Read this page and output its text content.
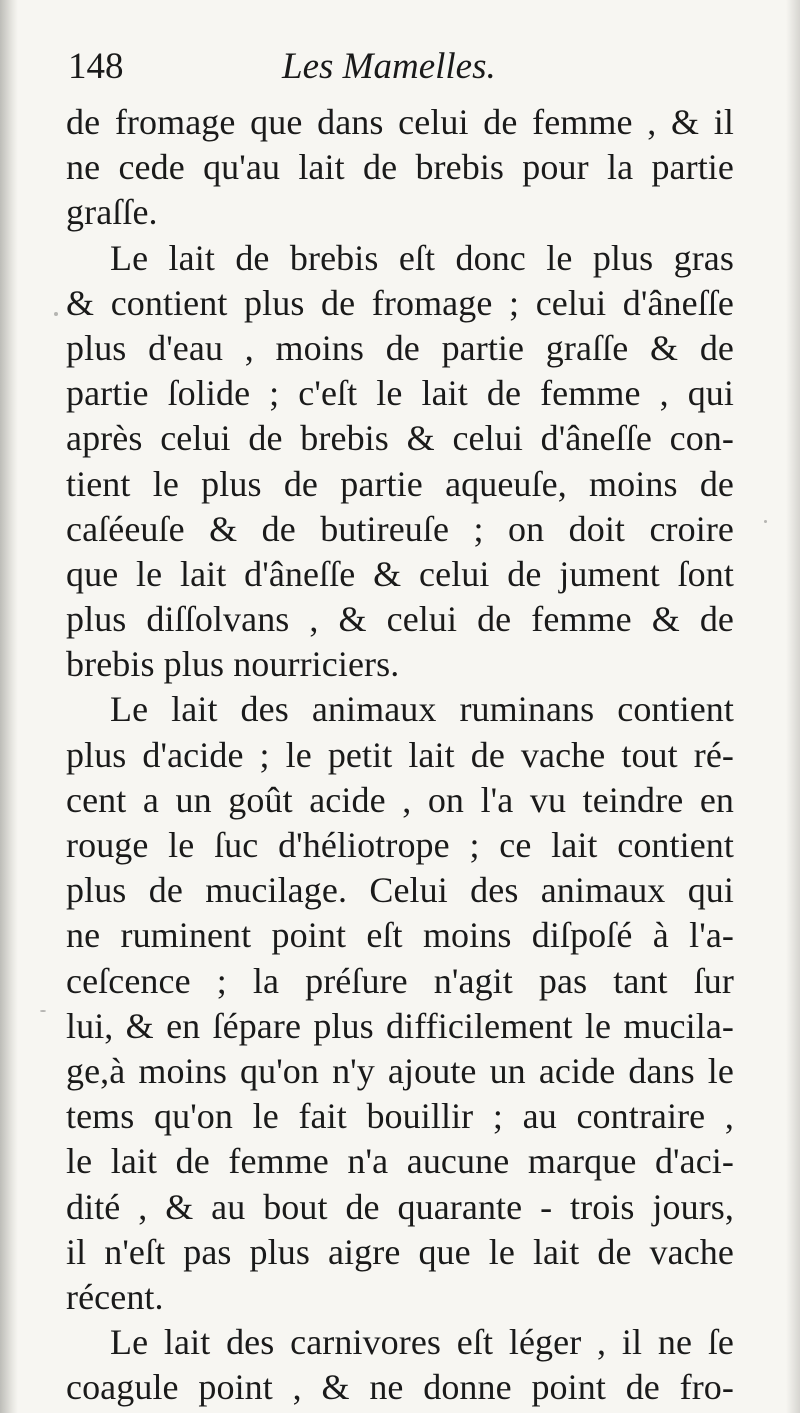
148	Les Mamelles.
de fromage que dans celui de femme , & il
ne cede qu'au lait de brebis pour la partie
graſſe.
Le lait de brebis eſt donc le plus gras
& contient plus de fromage ; celui d'âneſſe
plus d'eau , moins de partie graſſe & de
partie ſolide ; c'eſt le lait de femme , qui
après celui de brebis & celui d'âneſſe con-
tient le plus de partie aqueuſe, moins de
caſéeuſe & de butireuſe ; on doit croire
que le lait d'âneſſe & celui de jument ſont
plus diſſolvans , & celui de femme & de
brebis plus nourriciers.
Le lait des animaux ruminans contient
plus d'acide ; le petit lait de vache tout ré-
cent a un goût acide , on l'a vu teindre en
rouge le ſuc d'héliotrope ; ce lait contient
plus de mucilage. Celui des animaux qui
ne ruminent point eſt moins diſpoſé à l'a-
ceſcence ; la préſure n'agit pas tant ſur
lui, & en ſépare plus difficilement le mucila-
ge,à moins qu'on n'y ajoute un acide dans le
tems qu'on le fait bouillir ; au contraire ,
le lait de femme n'a aucune marque d'aci-
dité , & au bout de quarante - trois jours,
il n'eſt pas plus aigre que le lait de vache
récent.
Le lait des carnivores eſt léger , il ne ſe
coagule point , & ne donne point de fro-
